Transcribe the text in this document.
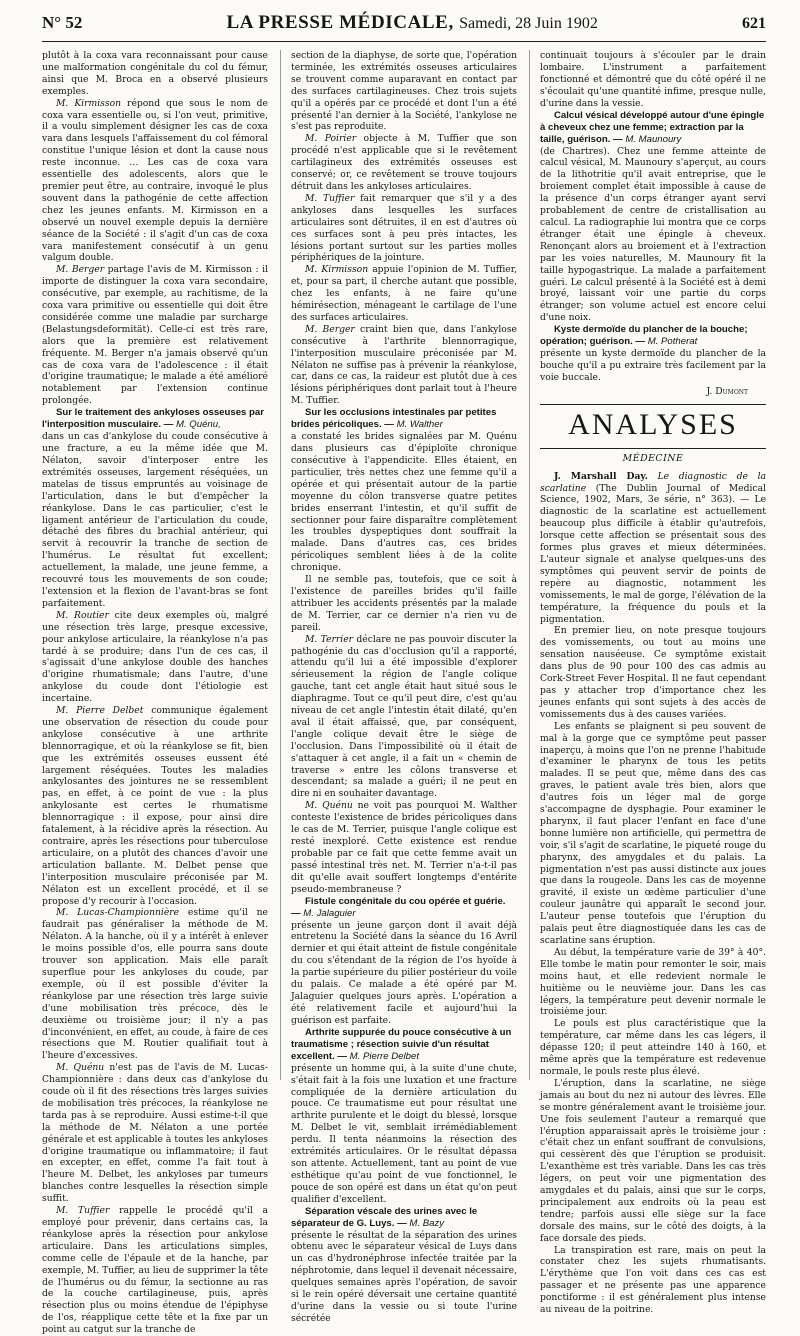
N° 52	LA PRESSE MÉDICALE, Samedi, 28 Juin 1902	621

plutôt à la coxa vara reconnaissant pour cause une malformation congénitale du col du fémur, ainsi que M. Broca en a observé plusieurs exemples.

M. Kirmisson répond que sous le nom de coxa vara essentielle ou, si l'on veut, primitive, il a voulu simplement désigner les cas de coxa vara dans lesquels l'affaissement du col fémoral constitue l'unique lésion et dont la cause nous reste inconnue. … Les cas de coxa vara essentielle des adolescents, alors que le premier peut être, au contraire, invoqué le plus souvent dans la pathogénie de cette affection chez les jeunes enfants. M. Kirmisson en a observé un nouvel exemple depuis la dernière séance de la Société : il s'agit d'un cas de coxa vara manifestement consécutif à un genu valgum double.

M. Berger partage l'avis de M. Kirmisson : il importe de distinguer la coxa vara secondaire, consécutive, par exemple, au rachitisme, de la coxa vara primitive ou essentielle qui doit être considérée comme une maladie par surcharge (Belastungsdeformität). Celle-ci est très rare, alors que la première est relativement fréquente. M. Berger n'a jamais observé qu'un cas de coxa vara de l'adolescence : il était d'origine traumatique; le malade a été amélioré notablement par l'extension continue prolongée.

Sur le traitement des ankyloses osseuses par l'interposition musculaire. — M. Quénu,

dans un cas d'ankylose du coude consécutive à une fracture, a eu la même idée que M. Nélaton, savoir d'interposer entre les extrémités osseuses, largement réséquées, un matelas de tissus empruntés au voisinage de l'articulation, dans le but d'empêcher la réankylose. Dans le cas particulier, c'est le ligament antérieur de l'articulation du coude, détaché des fibres du brachial antérieur, qui servit à recouvrir la tranche de section de l'humérus. Le résultat fut excellent; actuellement, la malade, une jeune femme, a recouvré tous les mouvements de son coude; l'extension et la flexion de l'avant-bras se font parfaitement.

M. Routier cite deux exemples où, malgré une résection très large, presque excessive, pour ankylose articulaire, la réankylose n'a pas tardé à se produire; dans l'un de ces cas, il s'agissait d'une ankylose double des hanches d'origine rhumatismale; dans l'autre, d'une ankylose du coude dont l'étiologie est incertaine.

M. Pierre Delbet communique également une observation de résection du coude pour ankylose consécutive à une arthrite blennorragique, et où la réankylose se fit, bien que les extrémités osseuses eussent été largement réséquées. Toutes les maladies ankylosantes des jointures ne se ressemblent pas, en effet, à ce point de vue : la plus ankylosante est certes le rhumatisme blennorragique : il expose, pour ainsi dire fatalement, à la récidive après la résection. Au contraire, après les résections pour tuberculose articulaire, on a plutôt des chances d'avoir une articulation ballante. M. Delbet pense que l'interposition musculaire préconisée par M. Nélaton est un excellent procédé, et il se propose d'y recourir à l'occasion.

M. Lucas-Championnière estime qu'il ne faudrait pas généraliser la méthode de M. Nélaton. A la hanche, où il y a intérêt à enlever le moins possible d'os, elle pourra sans doute trouver son application. Mais elle paraît superflue pour les ankyloses du coude, par exemple, où il est possible d'éviter la réankylose par une résection très large suivie d'une mobilisation très précoce, dès le deuxième ou troisième jour; il n'y a pas d'inconvénient, en effet, au coude, à faire de ces résections que M. Routier qualifiait tout à l'heure d'excessives.

M. Quénu n'est pas de l'avis de M. Lucas-Championnière : dans deux cas d'ankylose du coude où il fit des résections très larges suivies de mobilisation très précoces, la réankylose ne tarda pas à se reproduire. Aussi estime-t-il que la méthode de M. Nélaton a une portée générale et est applicable à toutes les ankyloses d'origine traumatique ou inflammatoire; il faut en excepter, en effet, comme l'a fait tout à l'heure M. Delbet, les ankyloses par tumeurs blanches contre lesquelles la résection simple suffit.

M. Tuffier rappelle le procédé qu'il a employé pour prévenir, dans certains cas, la réankylose après la résection pour ankylose articulaire. Dans les articulations simples, comme celle de l'épaule et de la hanche, par exemple, M. Tuffier, au lieu de supprimer la tête de l'humérus ou du fémur, la sectionne au ras de la couche cartilagineuse, puis, après résection plus ou moins étendue de l'épiphyse de l'os, réapplique cette tête et la fixe par un point au catgut sur la tranche de

section de la diaphyse, de sorte que, l'opération terminée, les extrémités osseuses articulaires se trouvent comme auparavant en contact par des surfaces cartilagineuses. Chez trois sujets qu'il a opérés par ce procédé et dont l'un a été présenté l'an dernier à la Société, l'ankylose ne s'est pas reproduite.

M. Poirier objecte à M. Tuffier que son procédé n'est applicable que si le revêtement cartilagineux des extrémités osseuses est conservé; or, ce revêtement se trouve toujours détruit dans les ankyloses articulaires.

M. Tuffier fait remarquer que s'il y a des ankyloses dans lesquelles les surfaces articulaires sont détruites, il en est d'autres où ces surfaces sont à peu près intactes, les lésions portant surtout sur les parties molles périphériques de la jointure.

M. Kirmisson appuie l'opinion de M. Tuffier, et, pour sa part, il cherche autant que possible, chez les enfants, à ne faire qu'une hémirésection, ménageant le cartilage de l'une des surfaces articulaires.

M. Berger craint bien que, dans l'ankylose consécutive à l'arthrite blennorragique, l'interposition musculaire préconisée par M. Nélaton ne suffise pas à prévenir la réankylose, car, dans ce cas, la raideur est plutôt due à ces lésions périphériques dont parlait tout à l'heure M. Tuffier.

Sur les occlusions intestinales par petites brides péricoliques. — M. Walther

a constaté les brides signalées par M. Quénu dans plusieurs cas d'épiploïte chronique consécutive à l'appendicite. Elles étaient, en particulier, très nettes chez une femme qu'il a opérée et qui présentait autour de la partie moyenne du côlon transverse quatre petites brides enserrant l'intestin, et qu'il suffit de sectionner pour faire disparaître complètement les troubles dyspeptiques dont souffrait la malade. Dans d'autres cas, ces brides péricoliques semblent liées à de la colite chronique.

Il ne semble pas, toutefois, que ce soit à l'existence de pareilles brides qu'il faille attribuer les accidents présentés par la malade de M. Terrier, car ce dernier n'a rien vu de pareil.

M. Terrier déclare ne pas pouvoir discuter la pathogénie du cas d'occlusion qu'il a rapporté, attendu qu'il lui a été impossible d'explorer sérieusement la région de l'angle colique gauche, tant cet angle était haut situé sous le diaphragme. Tout ce qu'il peut dire, c'est qu'au niveau de cet angle l'intestin était dilaté, qu'en aval il était affaissé, que, par conséquent, l'angle colique devait être le siège de l'occlusion. Dans l'impossibilité où il était de s'attaquer à cet angle, il a fait un « chemin de traverse » entre les côlons transverse et descendant; sa malade a guéri; il ne peut en dire ni en souhaiter davantage.

M. Quénu ne voit pas pourquoi M. Walther conteste l'existence de brides péricoliques dans le cas de M. Terrier, puisque l'angle colique est resté inexploré. Cette existence est rendue probable par ce fait que cette femme avait un passé intestinal très net. M. Terrier n'a-t-il pas dit qu'elle avait souffert longtemps d'entérite pseudo-membraneuse ?

Fistule congénitale du cou opérée et guérie. — M. Jalaguier

présente un jeune garçon dont il avait déjà entretenu la Société dans la séance du 16 Avril dernier et qui était atteint de fistule congénitale du cou s'étendant de la région de l'os hyoïde à la partie supérieure du pilier postérieur du voile du palais. Ce malade a été opéré par M. Jalaguier quelques jours après. L'opération a été relativement facile et aujourd'hui la guérison est parfaite.

Arthrite suppurée du pouce consécutive à un traumatisme ; résection suivie d'un résultat excellent. — M. Pierre Delbet

présente un homme qui, à la suite d'une chute, s'était fait à la fois une luxation et une fracture compliquée de la dernière articulation du pouce. Ce traumatisme eut pour résultat une arthrite purulente et le doigt du blessé, lorsque M. Delbet le vit, semblait irrémédiablement perdu. Il tenta néanmoins la résection des extrémités articulaires. Or le résultat dépassa son attente. Actuellement, tant au point de vue esthétique qu'au point de vue fonctionnel, le pouce de son opéré est dans un état qu'on peut qualifier d'excellent.

Séparation véscale des urines avec le séparateur de G. Luys. — M. Bazy

présente le résultat de la séparation des urines obtenu avec le séparateur vésical de Luys dans un cas d'hydronéphrose infectée traitée par la néphrotomie, dans lequel il devenait nécessaire, quelques semaines après l'opération, de savoir si le rein opéré déversait une certaine quantité d'urine dans la vessie ou si toute l'urine sécrétée

continuait toujours à s'écouler par le drain lombaire. L'instrument a parfaitement fonctionné et démontré que du côté opéré il ne s'écoulait qu'une quantité infime, presque nulle, d'urine dans la vessie.

Calcul vésical développé autour d'une épingle à cheveux chez une femme; extraction par la taille, guérison. — M. Maunoury

(de Chartres). Chez une femme atteinte de calcul vésical, M. Maunoury s'aperçut, au cours de la lithotritie qu'il avait entreprise, que le broiement complet était impossible à cause de la présence d'un corps étranger ayant servi probablement de centre de cristallisation au calcul. La radiographie lui montra que ce corps étranger était une épingle à cheveux. Renonçant alors au broiement et à l'extraction par les voies naturelles, M. Maunoury fit la taille hypogastrique. La malade a parfaitement guéri. Le calcul présenté à la Société est à demi broyé, laissant voir une partie du corps étranger; son volume actuel est encore celui d'une noix.

Kyste dermoïde du plancher de la bouche; opération; guérison. — M. Potherat

présente un kyste dermoïde du plancher de la bouche qu'il a pu extraire très facilement par la voie buccale.

J. Dumont
ANALYSES
MÉDECINE

J. Marshall Day. Le diagnostic de la scarlatine (The Dublin Journal of Medical Science, 1902, Mars, 3e série, n° 363). — Le diagnostic de la scarlatine est actuellement beaucoup plus difficile à établir qu'autrefois, lorsque cette affection se présentait sous des formes plus graves et mieux déterminées. L'auteur signale et analyse quelques-uns des symptômes qui peuvent servir de points de repère au diagnostic, notamment les vomissements, le mal de gorge, l'élévation de la température, la fréquence du pouls et la pigmentation.

En premier lieu, on note presque toujours des vomissements, ou tout au moins une sensation nauséeuse. Ce symptôme existait dans plus de 90 pour 100 des cas admis au Cork-Street Fever Hospital. Il ne faut cependant pas y attacher trop d'importance chez les jeunes enfants qui sont sujets à des accès de vomissements dus à des causes variées.

Les enfants se plaignent si peu souvent de mal à la gorge que ce symptôme peut passer inaperçu, à moins que l'on ne prenne l'habitude d'examiner le pharynx de tous les petits malades. Il se peut que, même dans des cas graves, le patient avale très bien, alors que d'autres fois un léger mal de gorge s'accompagne de dysphagie. Pour examiner le pharynx, il faut placer l'enfant en face d'une bonne lumière non artificielle, qui permettra de voir, s'il s'agit de scarlatine, le piqueté rouge du pharynx, des amygdales et du palais. La pigmentation n'est pas aussi distincte aux joues que dans la rougeole. Dans les cas de moyenne gravité, il existe un œdème particulier d'une couleur jaunâtre qui apparaît le second jour. L'auteur pense toutefois que l'éruption du palais peut être diagnostiquée dans les cas de scarlatine sans éruption.

Au début, la température varie de 39° à 40°. Elle tombe le matin pour remonter le soir, mais moins haut, et elle redevient normale le huitième ou le neuvième jour. Dans les cas légers, la température peut devenir normale le troisième jour.

Le pouls est plus caractéristique que la température, car même dans les cas légers, il dépasse 120; il peut atteindre 140 à 160, et même après que la température est redevenue normale, le pouls reste plus élevé.

L'éruption, dans la scarlatine, ne siège jamais au bout du nez ni autour des lèvres. Elle se montre généralement avant le troisième jour. Une fois seulement l'auteur a remarqué que l'éruption apparaissait après le troisième jour : c'était chez un enfant souffrant de convulsions, qui cessèrent dès que l'éruption se produisit. L'exanthème est très variable. Dans les cas très légers, on peut voir une pigmentation des amygdales et du palais, ainsi que sur le corps, principalement aux endroits où la peau est tendre; parfois aussi elle siège sur la face dorsale des mains, sur le côté des doigts, à la face dorsale des pieds.

La transpiration est rare, mais on peut la constater chez les sujets rhumatisants. L'érythème que l'on voit dans ces cas est passager et ne présente pas une apparence ponctiforme : il est généralement plus intense au niveau de la poitrine.
